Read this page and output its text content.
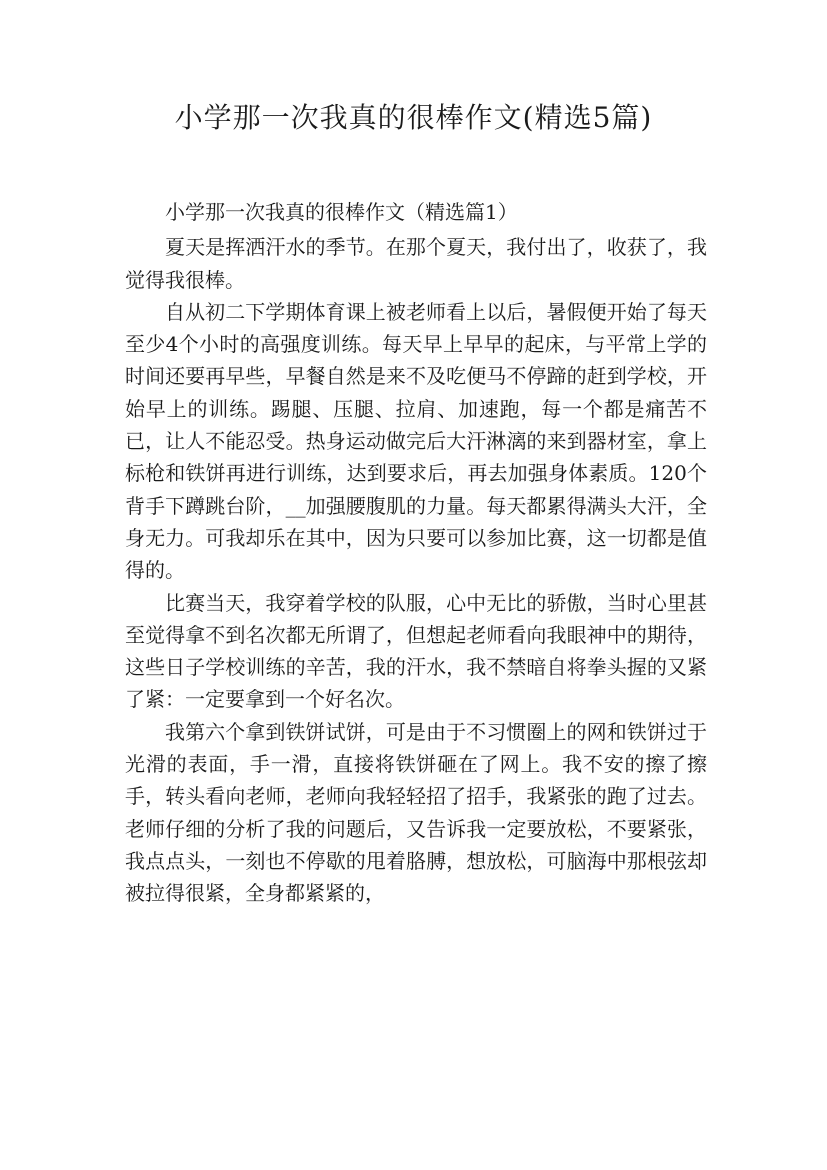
小学那一次我真的很棒作文(精选5篇)

小学那一次我真的很棒作文（精选篇1）

夏天是挥洒汗水的季节。在那个夏天，我付出了，收获了，我觉得我很棒。

自从初二下学期体育课上被老师看上以后，暑假便开始了每天至少4个小时的高强度训练。每天早上早早的起床，与平常上学的时间还要再早些，早餐自然是来不及吃便马不停蹄的赶到学校，开始早上的训练。踢腿、压腿、拉肩、加速跑，每一个都是痛苦不已，让人不能忍受。热身运动做完后大汗淋漓的来到器材室，拿上标枪和铁饼再进行训练，达到要求后，再去加强身体素质。120个背手下蹲跳台阶，__加强腰腹肌的力量。每天都累得满头大汗，全身无力。可我却乐在其中，因为只要可以参加比赛，这一切都是值得的。

比赛当天，我穿着学校的队服，心中无比的骄傲，当时心里甚至觉得拿不到名次都无所谓了，但想起老师看向我眼神中的期待，这些日子学校训练的辛苦，我的汗水，我不禁暗自将拳头握的又紧了紧：一定要拿到一个好名次。

我第六个拿到铁饼试饼，可是由于不习惯圈上的网和铁饼过于光滑的表面，手一滑，直接将铁饼砸在了网上。我不安的擦了擦手，转头看向老师，老师向我轻轻招了招手，我紧张的跑了过去。老师仔细的分析了我的问题后，又告诉我一定要放松，不要紧张，我点点头，一刻也不停歇的甩着胳膊，想放松，可脑海中那根弦却被拉得很紧，全身都紧紧的，
